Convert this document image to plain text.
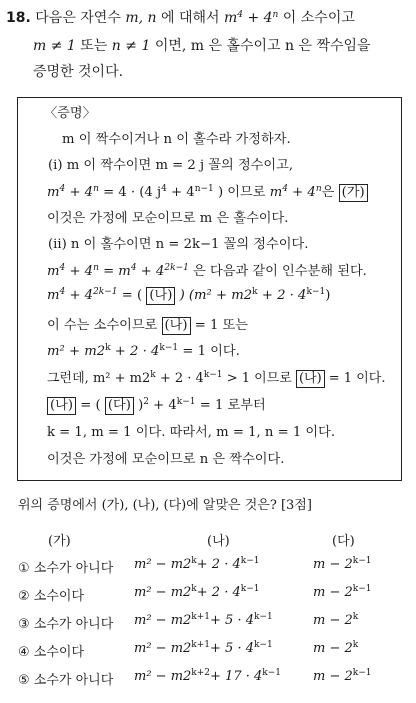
18. 다음은 자연수 m, n 에 대해서 $m^4 + 4^n$ 이 소수이고
m ≠ 1 또는 n ≠ 1 이면, m 은 홀수이고 n 은 짝수임을
증명한 것이다.
〈증명〉
m 이 짝수이거나 n 이 홀수라 가정하자.
(i) m 이 짝수이면 m = 2 j 꼴의 정수이고,
$m^4 + 4^n = 4 \cdot (4$ $j^4 + 4^{n-1}$ ) 이므로 $m^4 + 4^n$은 (가)
이것은 가정에 모순이므로 m 은 홀수이다.
(ii) n 이 홀수이면 n = 2k−1 꼴의 정수이다.
$m^4 + 4^n = m^4 + 4^{2k-1}$ 은 다음과 같이 인수분해 된다.
$m^4 + 4^{2k-1}$ = ( (나) ) $(m^2 + m2^k + 2 \cdot 4^{k-1})$
이 수는 소수이므로 (나) = 1 또는
$m^2 + m2^k + 2 \cdot 4^{k-1} = 1$ 이다.
그런데, $m^2 + m2^k + 2 \cdot 4^{k-1} > 1$ 이므로 (나) = 1 이다.
(나) = ( (다) )$^2 + 4^{k-1} = 1$ 로부터
k = 1, m = 1 이다. 따라서, m = 1, n = 1 이다.
이것은 가정에 모순이므로 n 은 짝수이다.
위의 증명에서 (가), (나), (다)에 알맞은 것은? [3점]
(가)	(나)	(다)
① 소수가 아니다 $m^2 - m2^k+ 2 \cdot 4^{k-1}$	$m - 2^{k-1}$
② 소수이다	$m^2 - m2^k+ 2 \cdot 4^{k-1}$	$m - 2^{k-1}$
③ 소수가 아니다 $m^2 - m2^{k+1}+ 5 \cdot 4^{k-1}$	$m - 2^k$
④ 소수이다	$m^2 - m2^{k+1}+ 5 \cdot 4^{k-1}$	$m - 2^k$
⑤ 소수가 아니다 $m^2 - m2^{k+2}+ 17 \cdot 4^{k-1}$ $m - 2^{k-1}$
